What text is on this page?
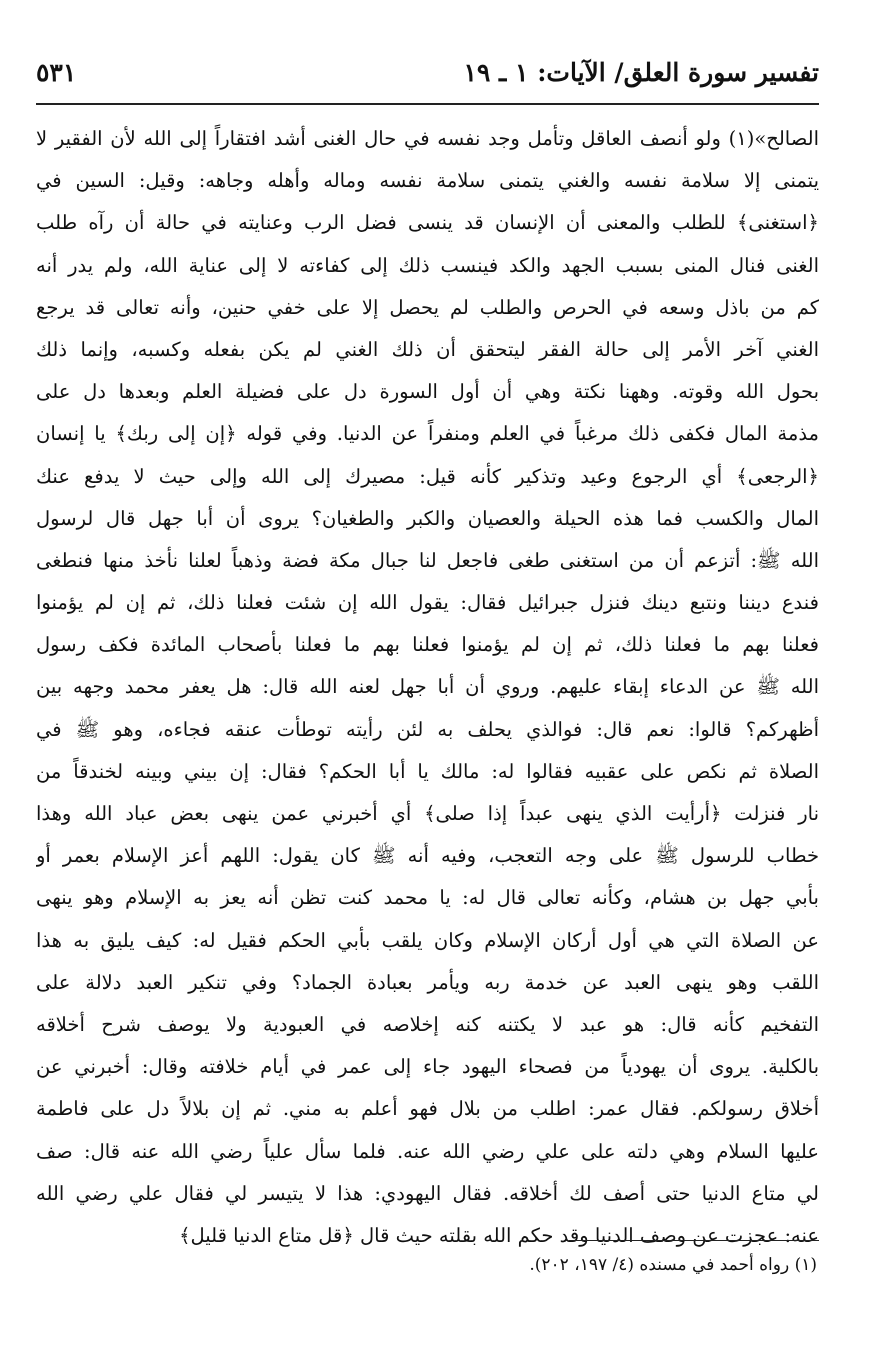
تفسير سورة العلق/ الآيات: ١ ـ ١٩
٥٣١
الصالح»(١) ولو أنصف العاقل وتأمل وجد نفسه في حال الغنى أشد افتقاراً إلى الله لأن الفقير لا
يتمنى إلا سلامة نفسه والغني يتمنى سلامة نفسه وماله وأهله وجاهه: وقيل: السين في
﴿استغنى﴾ للطلب والمعنى أن الإنسان قد ينسى فضل الرب وعنايته في حالة أن رآه طلب
الغنى فنال المنى بسبب الجهد والكد فينسب ذلك إلى كفاءته لا إلى عناية الله، ولم يدر أنه
كم من باذل وسعه في الحرص والطلب لم يحصل إلا على خفي حنين، وأنه تعالى قد يرجع
الغني آخر الأمر إلى حالة الفقر ليتحقق أن ذلك الغني لم يكن بفعله وكسبه، وإنما ذلك
بحول الله وقوته. وههنا نكتة وهي أن أول السورة دل على فضيلة العلم وبعدها دل على
مذمة المال فكفى ذلك مرغباً في العلم ومنفراً عن الدنيا. وفي قوله ﴿إن إلى ربك﴾ يا إنسان
﴿الرجعى﴾ أي الرجوع وعيد وتذكير كأنه قيل: مصيرك إلى الله وإلى حيث لا يدفع عنك
المال والكسب فما هذه الحيلة والعصيان والكبر والطغيان؟ يروى أن أبا جهل قال لرسول
الله ﷺ: أتزعم أن من استغنى طغى فاجعل لنا جبال مكة فضة وذهباً لعلنا نأخذ منها فنطغى
فندع ديننا ونتبع دينك فنزل جبرائيل فقال: يقول الله إن شئت فعلنا ذلك، ثم إن لم يؤمنوا
فعلنا بهم ما فعلنا ذلك، ثم إن لم يؤمنوا فعلنا بهم ما فعلنا بأصحاب المائدة فكف رسول
الله ﷺ عن الدعاء إبقاء عليهم. وروي أن أبا جهل لعنه الله قال: هل يعفر محمد وجهه بين
أظهركم؟ قالوا: نعم قال: فوالذي يحلف به لئن رأيته توطأت عنقه فجاءه، وهو ﷺ في
الصلاة ثم نكص على عقبيه فقالوا له: مالك يا أبا الحكم؟ فقال: إن بيني وبينه لخندقاً من
نار فنزلت ﴿أرأيت الذي ينهى عبداً إذا صلى﴾ أي أخبرني عمن ينهى بعض عباد الله وهذا
خطاب للرسول ﷺ على وجه التعجب، وفيه أنه ﷺ كان يقول: اللهم أعز الإسلام بعمر أو
بأبي جهل بن هشام، وكأنه تعالى قال له: يا محمد كنت تظن أنه يعز به الإسلام وهو ينهى
عن الصلاة التي هي أول أركان الإسلام وكان يلقب بأبي الحكم فقيل له: كيف يليق به هذا
اللقب وهو ينهى العبد عن خدمة ربه ويأمر بعبادة الجماد؟ وفي تنكير العبد دلالة على
التفخيم كأنه قال: هو عبد لا يكتنه كنه إخلاصه في العبودية ولا يوصف شرح أخلاقه
بالكلية. يروى أن يهودياً من فصحاء اليهود جاء إلى عمر في أيام خلافته وقال: أخبرني عن
أخلاق رسولكم. فقال عمر: اطلب من بلال فهو أعلم به مني. ثم إن بلالاً دل على فاطمة
عليها السلام وهي دلته على علي رضي الله عنه. فلما سأل علياً رضي الله عنه قال: صف
لي متاع الدنيا حتى أصف لك أخلاقه. فقال اليهودي: هذا لا يتيسر لي فقال علي رضي الله
عنه: عجزت عن وصف الدنيا وقد حكم الله بقلته حيث قال ﴿قل متاع الدنيا قليل﴾
(١) رواه أحمد في مسنده (٤/ ١٩٧، ٢٠٢).
